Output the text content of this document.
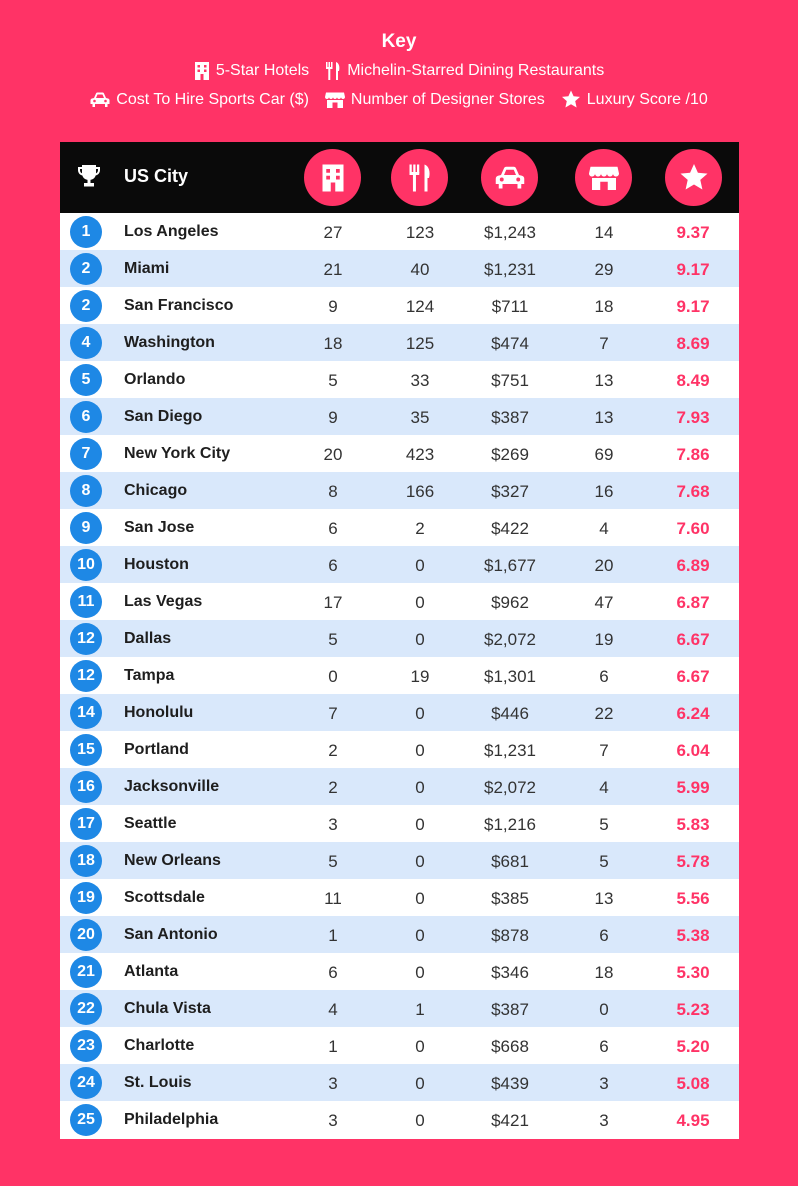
Key
5-Star Hotels Michelin-Starred Dining Restaurants
Cost To Hire Sports Car ($)	Number of Designer Stores	Luxury Score /10
US City
1	Los Angeles	27	123	$1,243	14	9.37
2	Miami	21	40	$1,231	29	9.17
2	San Francisco	9	124	$711	18	9.17
4	Washington	18	125	$474	7	8.69
5	Orlando	5	33	$751	13	8.49
6	San Diego	9	35	$387	13	7.93
7	New York City	20	423	$269	69	7.86
8	Chicago	8	166	$327	16	7.68
9	San Jose	6	2	$422	4	7.60
10	Houston	6	0	$1,677	20	6.89
11	Las Vegas	17	0	$962	47	6.87
12	Dallas	5	0	$2,072	19	6.67
12	Tampa	0	19	$1,301	6	6.67
14	Honolulu	7	0	$446	22	6.24
15	Portland	2	0	$1,231	7	6.04
16	Jacksonville	2	0	$2,072	4	5.99
17	Seattle	3	0	$1,216	5	5.83
18	New Orleans	5	0	$681	5	5.78
19	Scottsdale	11	0	$385	13	5.56
20	San Antonio	1	0	$878	6	5.38
21	Atlanta	6	0	$346	18	5.30
22	Chula Vista	4	1	$387	0	5.23
23	Charlotte	1	0	$668	6	5.20
24	St. Louis	3	0	$439	3	5.08
25	Philadelphia	3	0	$421	3	4.95
